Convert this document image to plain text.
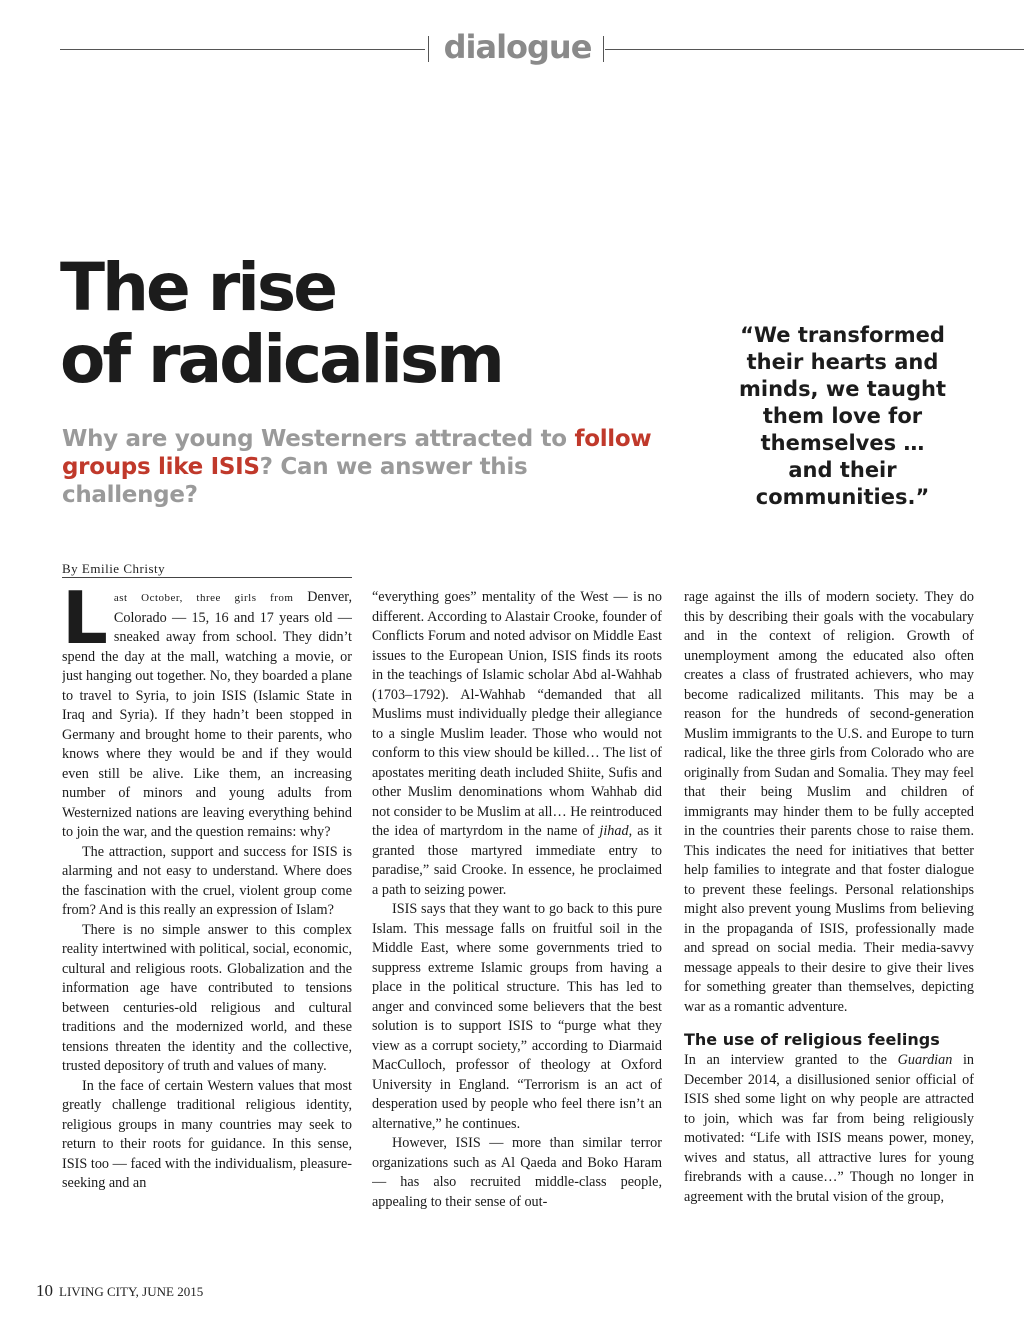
dialogue
The rise
of radicalism

Why are young Westerners attracted to follow groups like ISIS? Can we answer this challenge?

“We transformed their hearts and minds, we taught them love for themselves … and their communities.”

By Emilie Christy

Last October, three girls from Denver, Colorado — 15, 16 and 17 years old — sneaked away from school. They didn’t spend the day at the mall, watching a movie, or just hanging out together. No, they boarded a plane to travel to Syria, to join ISIS (Islamic State in Iraq and Syria). If they hadn’t been stopped in Germany and brought home to their parents, who knows where they would be and if they would even still be alive. Like them, an increasing number of minors and young adults from Westernized nations are leaving everything behind to join the war, and the question remains: why?

The attraction, support and success for ISIS is alarming and not easy to understand. Where does the fascination with the cruel, violent group come from? And is this really an expression of Islam?

There is no simple answer to this complex reality intertwined with political, social, economic, cultural and religious roots. Globalization and the information age have contributed to tensions between centuries-old religious and cultural traditions and the modernized world, and these tensions threaten the identity and the collective, trusted depository of truth and values of many.

In the face of certain Western values that most greatly challenge traditional religious identity, religious groups in many countries may seek to return to their roots for guidance. In this sense, ISIS too — faced with the individualism, pleasure-seeking and an

“everything goes” mentality of the West — is no different. According to Alastair Crooke, founder of Conflicts Forum and noted advisor on Middle East issues to the European Union, ISIS finds its roots in the teachings of Islamic scholar Abd al-Wahhab (1703–1792). Al-Wahhab “demanded that all Muslims must individually pledge their allegiance to a single Muslim leader. Those who would not conform to this view should be killed… The list of apostates meriting death included Shiite, Sufis and other Muslim denominations whom Wahhab did not consider to be Muslim at all… He reintroduced the idea of martyrdom in the name of jihad, as it granted those martyred immediate entry to paradise,” said Crooke. In essence, he proclaimed a path to seizing power.

ISIS says that they want to go back to this pure Islam. This message falls on fruitful soil in the Middle East, where some governments tried to suppress extreme Islamic groups from having a place in the political structure. This has led to anger and convinced some believers that the best solution is to support ISIS to “purge what they view as a corrupt society,” according to Diarmaid MacCulloch, professor of theology at Oxford University in England. “Terrorism is an act of desperation used by people who feel there isn’t an alternative,” he continues.

However, ISIS — more than similar terror organizations such as Al Qaeda and Boko Haram — has also recruited middle-class people, appealing to their sense of out-

rage against the ills of modern society. They do this by describing their goals with the vocabulary and in the context of religion. Growth of unemployment among the educated also often creates a class of frustrated achievers, who may become radicalized militants. This may be a reason for the hundreds of second-generation Muslim immigrants to the U.S. and Europe to turn radical, like the three girls from Colorado who are originally from Sudan and Somalia. They may feel that their being Muslim and children of immigrants may hinder them to be fully accepted in the countries their parents chose to raise them. This indicates the need for initiatives that better help families to integrate and that foster dialogue to prevent these feelings. Personal relationships might also prevent young Muslims from believing in the propaganda of ISIS, professionally made and spread on social media. Their media-savvy message appeals to their desire to give their lives for something greater than themselves, depicting war as a romantic adventure.

The use of religious feelings

In an interview granted to the Guardian in December 2014, a disillusioned senior official of ISIS shed some light on why people are attracted to join, which was far from being religiously motivated: “Life with ISIS means power, money, wives and status, all attractive lures for young firebrands with a cause…” Though no longer in agreement with the brutal vision of the group,

10 LIVING CITY, JUNE 2015
